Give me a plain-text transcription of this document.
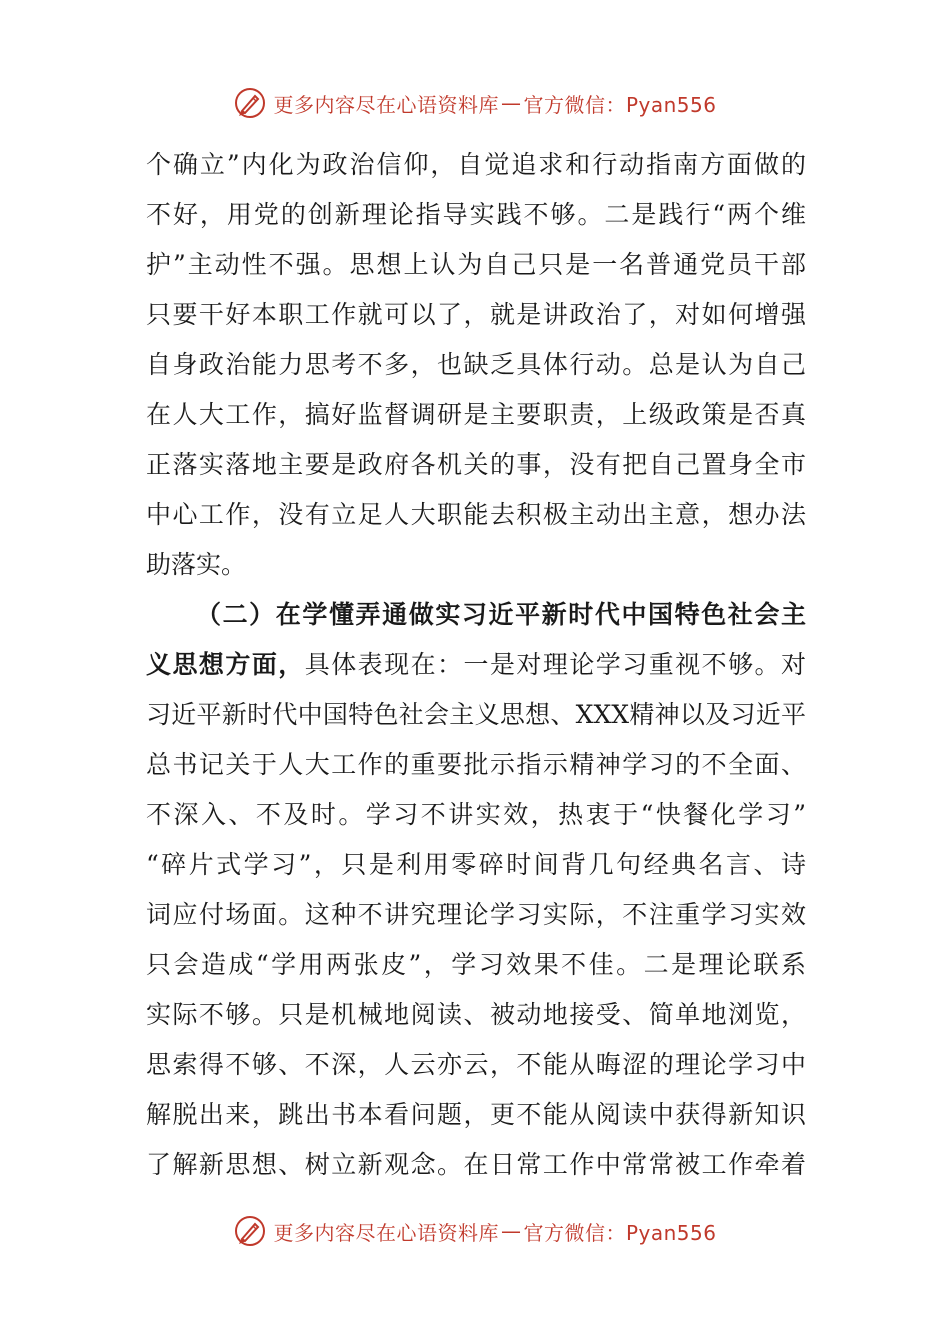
更多内容尽在心语资料库 — 官方微信：Pyan556
个确立”内化为政治信仰，自觉追求和行动指南方面做的
不好，用党的创新理论指导实践不够。二是践行“两个维
护”主动性不强。思想上认为自己只是一名普通党员干部
只要干好本职工作就可以了，就是讲政治了，对如何增强
自身政治能力思考不多，也缺乏具体行动。总是认为自己
在人大工作，搞好监督调研是主要职责，上级政策是否真
正落实落地主要是政府各机关的事，没有把自己置身全市
中心工作，没有立足人大职能去积极主动出主意，想办法
助落实。
（二）在学懂弄通做实习近平新时代中国特色社会主
义思想方面，具体表现在：一是对理论学习重视不够。对
习近平新时代中国特色社会主义思想、XXX精神以及习近平
总书记关于人大工作的重要批示指示精神学习的不全面、
不深入、不及时。学习不讲实效，热衷于“快餐化学习”
“碎片式学习”，只是利用零碎时间背几句经典名言、诗
词应付场面。这种不讲究理论学习实际，不注重学习实效
只会造成“学用两张皮”，学习效果不佳。二是理论联系
实际不够。只是机械地阅读、被动地接受、简单地浏览，
思索得不够、不深，人云亦云，不能从晦涩的理论学习中
解脱出来，跳出书本看问题，更不能从阅读中获得新知识
了解新思想、树立新观念。在日常工作中常常被工作牵着
更多内容尽在心语资料库 — 官方微信：Pyan556
